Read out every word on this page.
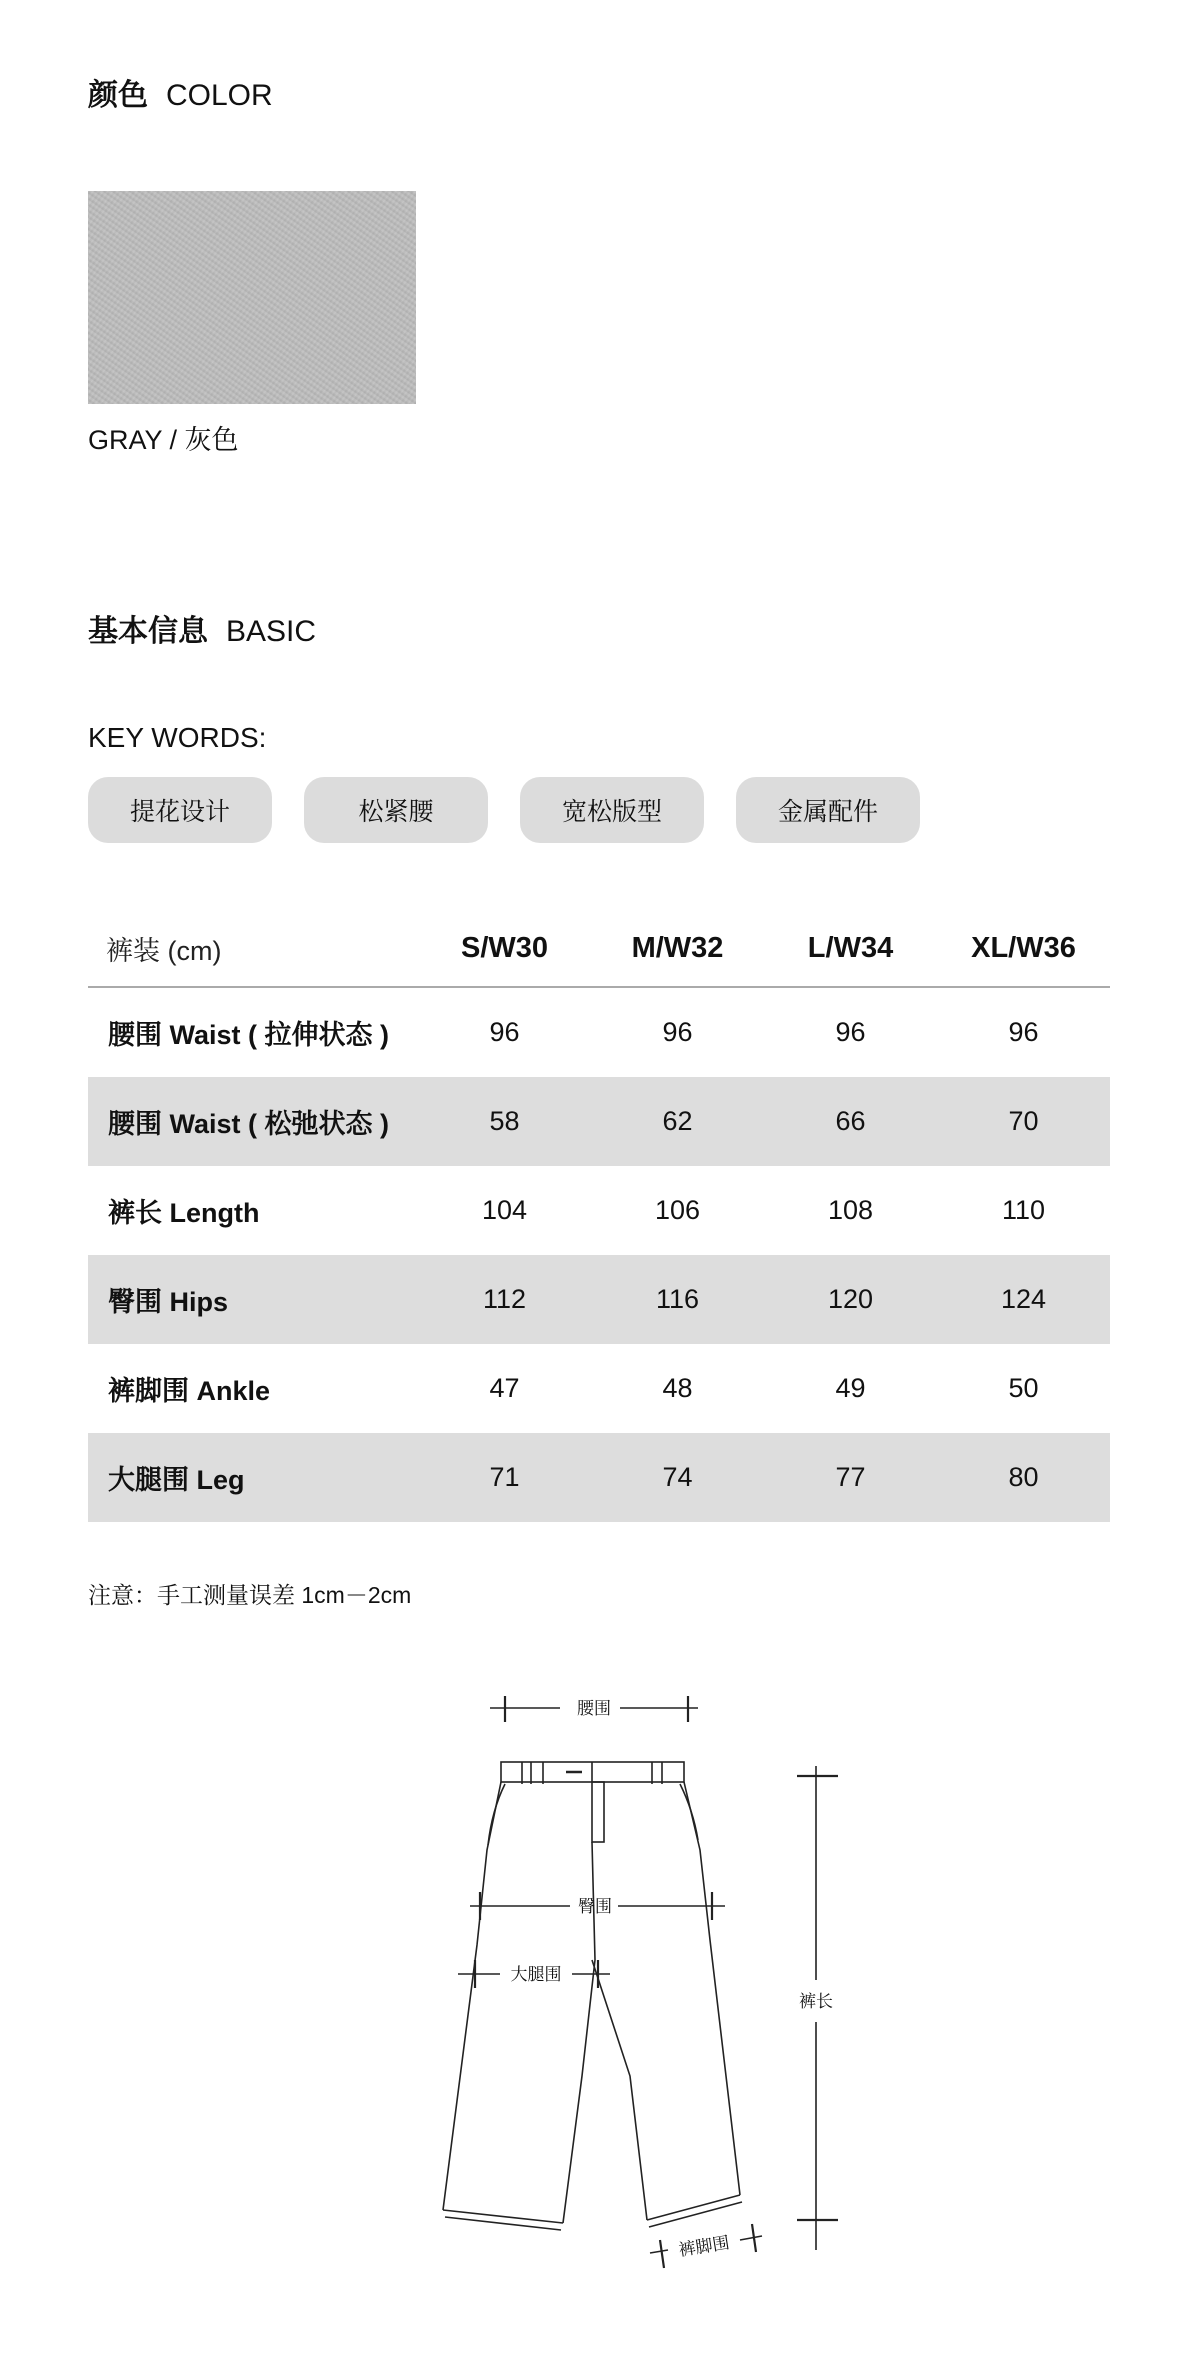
颜色 COLOR
GRAY / 灰色
基本信息 BASIC
KEY WORDS:
提花设计	松紧腰	宽松版型	金属配件
裤装 (cm)	S/W30	M/W32	L/W34	XL/W36
腰围 Waist ( 拉伸状态 )	96	96	96	96
腰围 Waist ( 松弛状态 )	58	62	66	70
裤长 Length	104	106	108	110
臀围 Hips	112	116	120	124
裤脚围 Ankle	47	48	49	50
大腿围 Leg	71	74	77	80
注意：手工测量误差 1cm－2cm
腰围
臀围
大腿围
裤长
裤脚围
